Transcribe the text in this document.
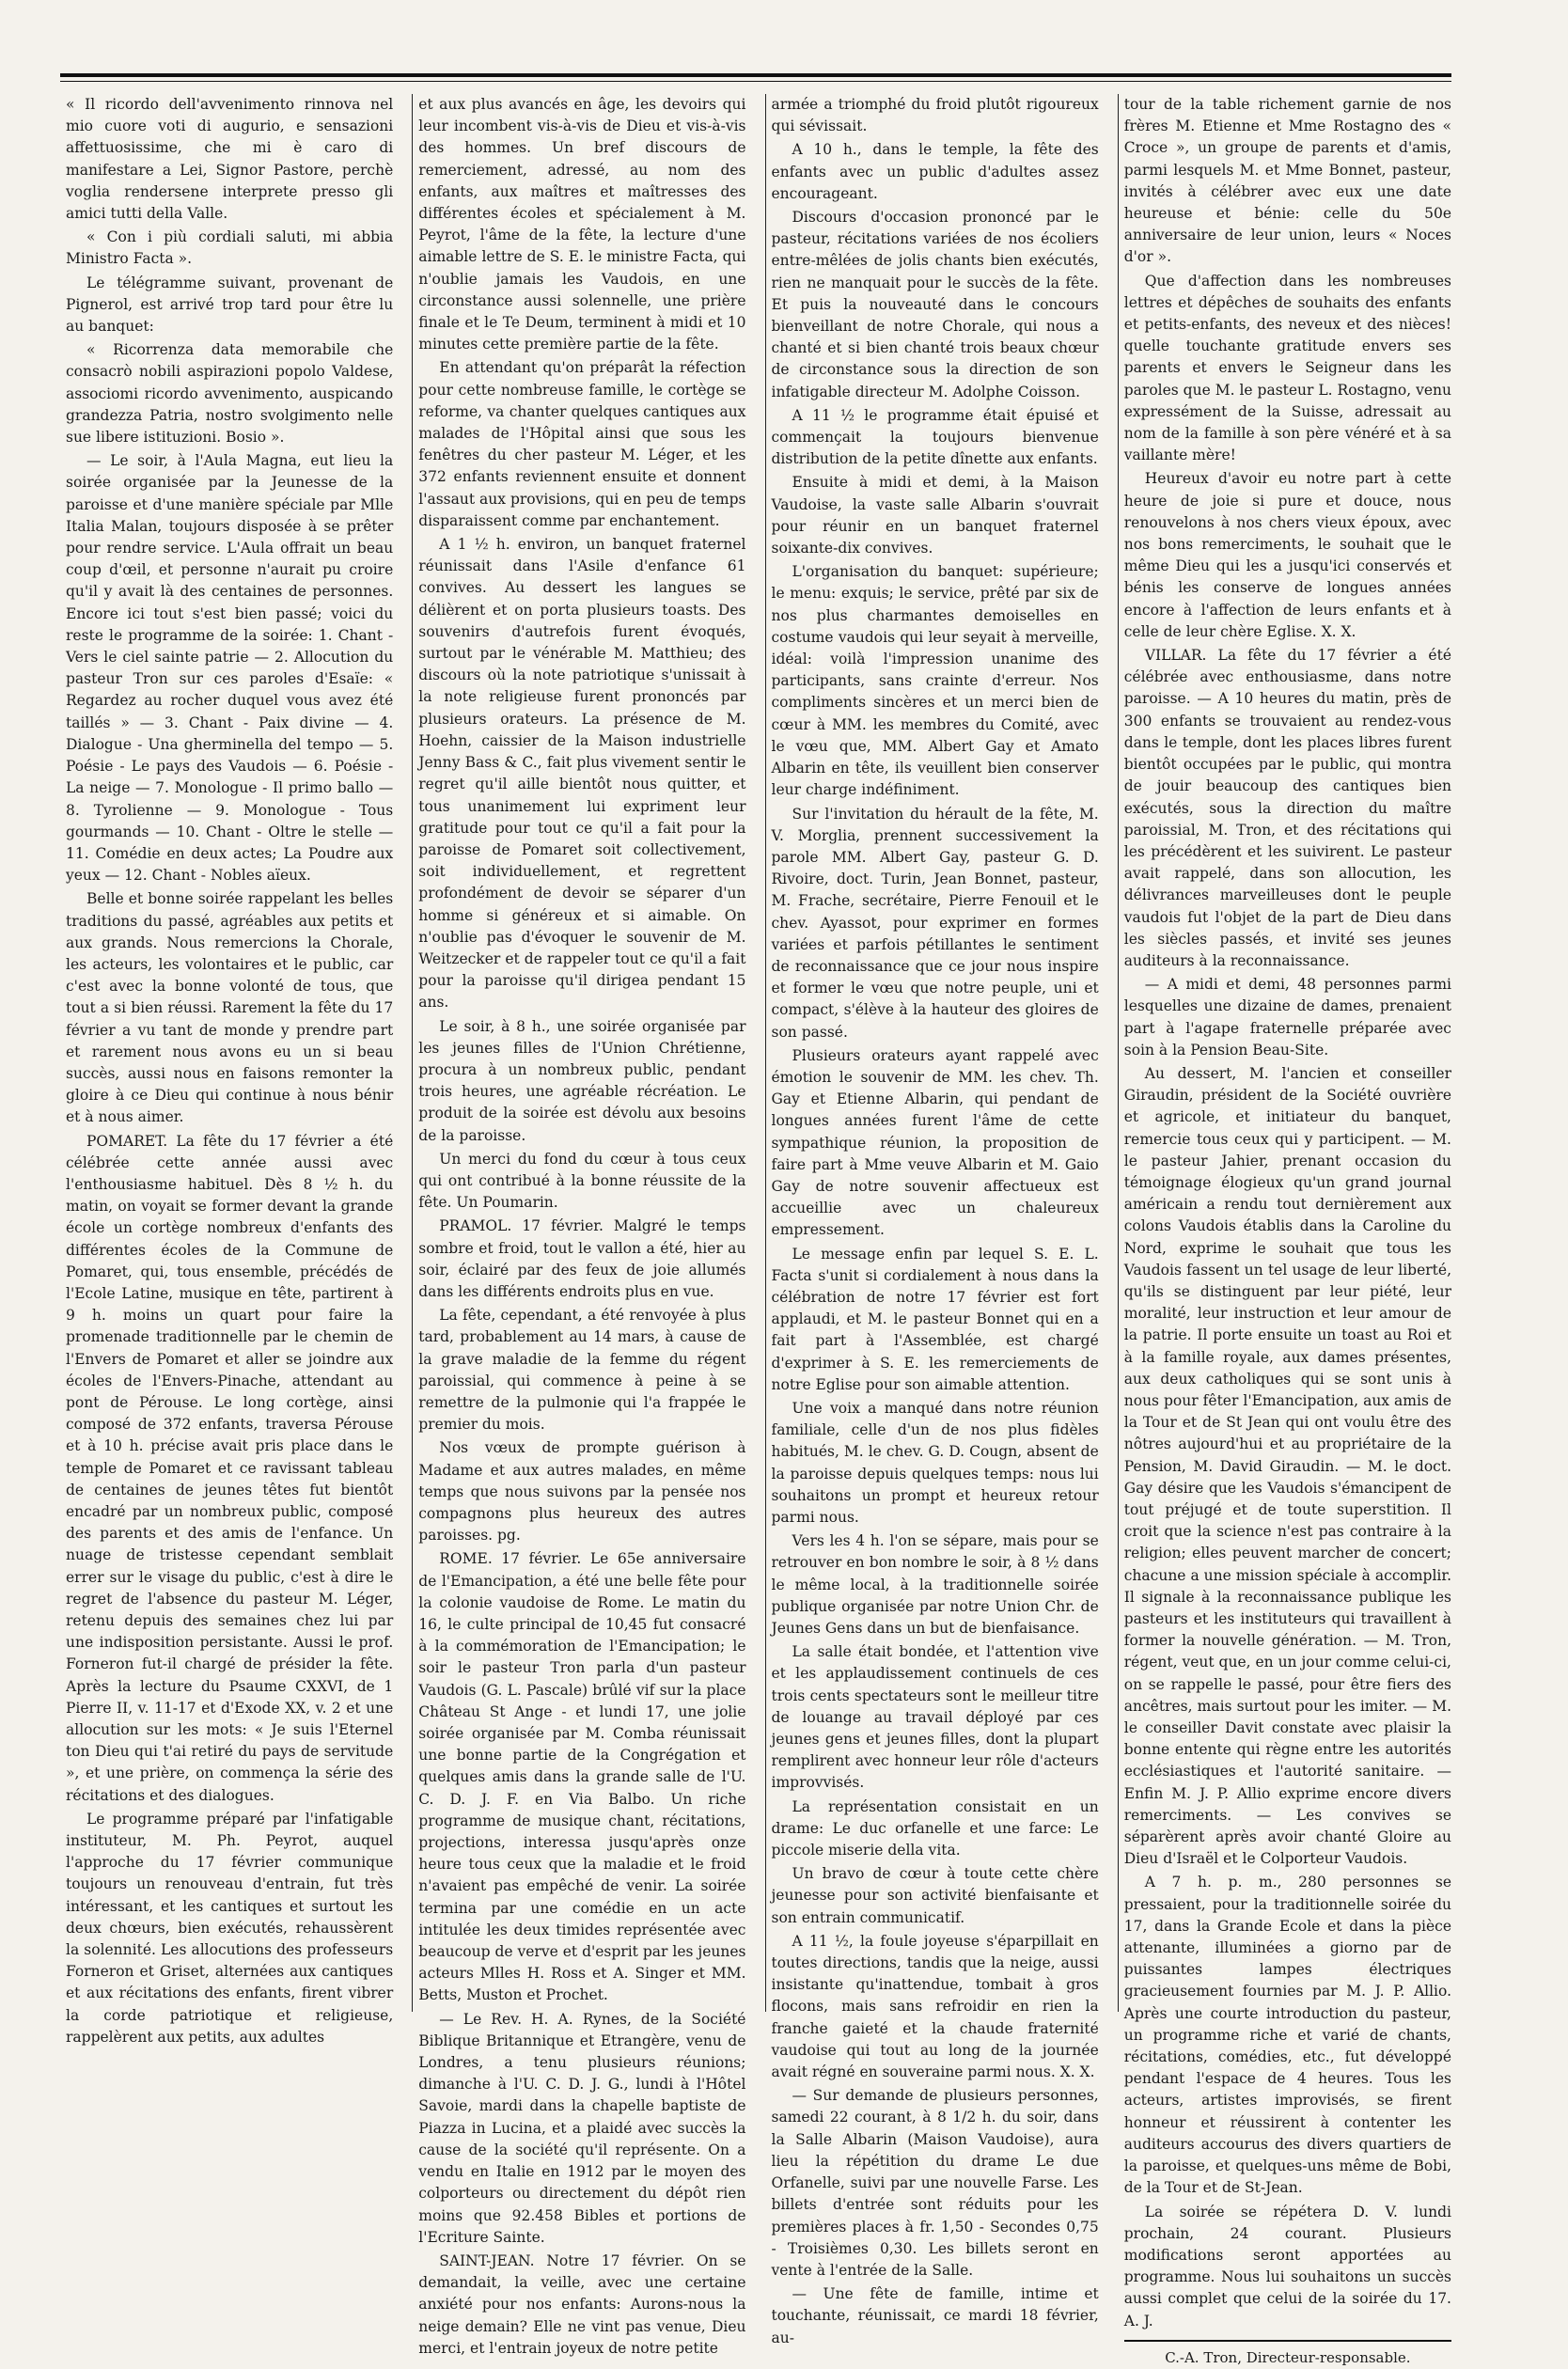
« Il ricordo dell'avvenimento rinnova nel mio cuore voti di augurio, e sensazioni affettuosissime, che mi è caro di manifestare a Lei, Signor Pastore, perchè voglia rendersene interprete presso gli amici tutti della Valle.

« Con i più cordiali saluti, mi abbia Ministro Facta ».

Le télégramme suivant, provenant de Pignerol, est arrivé trop tard pour être lu au banquet:

« Ricorrenza data memorabile che consacrò nobili aspirazioni popolo Valdese, associomi ricordo avvenimento, auspicando grandezza Patria, nostro svolgimento nelle sue libere istituzioni. Bosio ».

— Le soir, à l'Aula Magna, eut lieu la soirée organisée par la Jeunesse de la paroisse et d'une manière spéciale par Mlle Italia Malan, toujours disposée à se prêter pour rendre service. L'Aula offrait un beau coup d'œil, et personne n'aurait pu croire qu'il y avait là des centaines de personnes. Encore ici tout s'est bien passé; voici du reste le programme de la soirée: 1. Chant - Vers le ciel sainte patrie — 2. Allocution du pasteur Tron sur ces paroles d'Esaïe: « Regardez au rocher duquel vous avez été taillés » — 3. Chant - Paix divine — 4. Dialogue - Una gherminella del tempo — 5. Poésie - Le pays des Vaudois — 6. Poésie - La neige — 7. Monologue - Il primo ballo — 8. Tyrolienne — 9. Monologue - Tous gourmands — 10. Chant - Oltre le stelle — 11. Comédie en deux actes; La Poudre aux yeux — 12. Chant - Nobles aïeux.

Belle et bonne soirée rappelant les belles traditions du passé, agréables aux petits et aux grands. Nous remercions la Chorale, les acteurs, les volontaires et le public, car c'est avec la bonne volonté de tous, que tout a si bien réussi. Rarement la fête du 17 février a vu tant de monde y prendre part et rarement nous avons eu un si beau succès, aussi nous en faisons remonter la gloire à ce Dieu qui continue à nous bénir et à nous aimer.

POMARET. La fête du 17 février a été célébrée cette année aussi avec l'enthousiasme habituel. Dès 8 ½ h. du matin, on voyait se former devant la grande école un cortège nombreux d'enfants des différentes écoles de la Commune de Pomaret, qui, tous ensemble, précédés de l'Ecole Latine, musique en tête, partirent à 9 h. moins un quart pour faire la promenade traditionnelle par le chemin de l'Envers de Pomaret et aller se joindre aux écoles de l'Envers-Pinache, attendant au pont de Pérouse. Le long cortège, ainsi composé de 372 enfants, traversa Pérouse et à 10 h. précise avait pris place dans le temple de Pomaret et ce ravissant tableau de centaines de jeunes têtes fut bientôt encadré par un nombreux public, composé des parents et des amis de l'enfance. Un nuage de tristesse cependant semblait errer sur le visage du public, c'est à dire le regret de l'absence du pasteur M. Léger, retenu depuis des semaines chez lui par une indisposition persistante. Aussi le prof. Forneron fut-il chargé de présider la fête. Après la lecture du Psaume CXXVI, de 1 Pierre II, v. 11-17 et d'Exode XX, v. 2 et une allocution sur les mots: « Je suis l'Eternel ton Dieu qui t'ai retiré du pays de servitude », et une prière, on commença la série des récitations et des dialogues.

Le programme préparé par l'infatigable instituteur, M. Ph. Peyrot, auquel l'approche du 17 février communique toujours un renouveau d'entrain, fut très intéressant, et les cantiques et surtout les deux chœurs, bien exécutés, rehaussèrent la solennité. Les allocutions des professeurs Forneron et Griset, alternées aux cantiques et aux récitations des enfants, firent vibrer la corde patriotique et religieuse, rappelèrent aux petits, aux adultes

et aux plus avancés en âge, les devoirs qui leur incombent vis-à-vis de Dieu et vis-à-vis des hommes. Un bref discours de remerciement, adressé, au nom des enfants, aux maîtres et maîtresses des différentes écoles et spécialement à M. Peyrot, l'âme de la fête, la lecture d'une aimable lettre de S. E. le ministre Facta, qui n'oublie jamais les Vaudois, en une circonstance aussi solennelle, une prière finale et le Te Deum, terminent à midi et 10 minutes cette première partie de la fête.

En attendant qu'on préparât la réfection pour cette nombreuse famille, le cortège se reforme, va chanter quelques cantiques aux malades de l'Hôpital ainsi que sous les fenêtres du cher pasteur M. Léger, et les 372 enfants reviennent ensuite et donnent l'assaut aux provisions, qui en peu de temps disparaissent comme par enchantement.

A 1 ½ h. environ, un banquet fraternel réunissait dans l'Asile d'enfance 61 convives. Au dessert les langues se délièrent et on porta plusieurs toasts. Des souvenirs d'autrefois furent évoqués, surtout par le vénérable M. Matthieu; des discours où la note patriotique s'unissait à la note religieuse furent prononcés par plusieurs orateurs. La présence de M. Hoehn, caissier de la Maison industrielle Jenny Bass & C., fait plus vivement sentir le regret qu'il aille bientôt nous quitter, et tous unanimement lui expriment leur gratitude pour tout ce qu'il a fait pour la paroisse de Pomaret soit collectivement, soit individuellement, et regrettent profondément de devoir se séparer d'un homme si généreux et si aimable. On n'oublie pas d'évoquer le souvenir de M. Weitzecker et de rappeler tout ce qu'il a fait pour la paroisse qu'il dirigea pendant 15 ans.

Le soir, à 8 h., une soirée organisée par les jeunes filles de l'Union Chrétienne, procura à un nombreux public, pendant trois heures, une agréable récréation. Le produit de la soirée est dévolu aux besoins de la paroisse.

Un merci du fond du cœur à tous ceux qui ont contribué à la bonne réussite de la fête. Un Poumarin.

PRAMOL. 17 février. Malgré le temps sombre et froid, tout le vallon a été, hier au soir, éclairé par des feux de joie allumés dans les différents endroits plus en vue.

La fête, cependant, a été renvoyée à plus tard, probablement au 14 mars, à cause de la grave maladie de la femme du régent paroissial, qui commence à peine à se remettre de la pulmonie qui l'a frappée le premier du mois.

Nos vœux de prompte guérison à Madame et aux autres malades, en même temps que nous suivons par la pensée nos compagnons plus heureux des autres paroisses. pg.

ROME. 17 février. Le 65e anniversaire de l'Emancipation, a été une belle fête pour la colonie vaudoise de Rome. Le matin du 16, le culte principal de 10,45 fut consacré à la commémoration de l'Emancipation; le soir le pasteur Tron parla d'un pasteur Vaudois (G. L. Pascale) brûlé vif sur la place Château St Ange - et lundi 17, une jolie soirée organisée par M. Comba réunissait une bonne partie de la Congrégation et quelques amis dans la grande salle de l'U. C. D. J. F. en Via Balbo. Un riche programme de musique chant, récitations, projections, interessa jusqu'après onze heure tous ceux que la maladie et le froid n'avaient pas empêché de venir. La soirée termina par une comédie en un acte intitulée les deux timides représentée avec beaucoup de verve et d'esprit par les jeunes acteurs Mlles H. Ross et A. Singer et MM. Betts, Muston et Prochet.

— Le Rev. H. A. Rynes, de la Société Biblique Britannique et Etrangère, venu de Londres, a tenu plusieurs réunions; dimanche à l'U. C. D. J. G., lundi à l'Hôtel Savoie, mardi dans la chapelle baptiste de Piazza in Lucina, et a plaidé avec succès la cause de la société qu'il représente. On a vendu en Italie en 1912 par le moyen des colporteurs ou directement du dépôt rien moins que 92.458 Bibles et portions de l'Ecriture Sainte.

SAINT-JEAN. Notre 17 février. On se demandait, la veille, avec une certaine anxiété pour nos enfants: Aurons-nous la neige demain? Elle ne vint pas venue, Dieu merci, et l'entrain joyeux de notre petite

armée a triomphé du froid plutôt rigoureux qui sévissait.

A 10 h., dans le temple, la fête des enfants avec un public d'adultes assez encourageant.

Discours d'occasion prononcé par le pasteur, récitations variées de nos écoliers entre-mêlées de jolis chants bien exécutés, rien ne manquait pour le succès de la fête. Et puis la nouveauté dans le concours bienveillant de notre Chorale, qui nous a chanté et si bien chanté trois beaux chœur de circonstance sous la direction de son infatigable directeur M. Adolphe Coisson.

A 11 ½ le programme était épuisé et commençait la toujours bienvenue distribution de la petite dînette aux enfants.

Ensuite à midi et demi, à la Maison Vaudoise, la vaste salle Albarin s'ouvrait pour réunir en un banquet fraternel soixante-dix convives.

L'organisation du banquet: supérieure; le menu: exquis; le service, prêté par six de nos plus charmantes demoiselles en costume vaudois qui leur seyait à merveille, idéal: voilà l'impression unanime des participants, sans crainte d'erreur. Nos compliments sincères et un merci bien de cœur à MM. les membres du Comité, avec le vœu que, MM. Albert Gay et Amato Albarin en tête, ils veuillent bien conserver leur charge indéfiniment.

Sur l'invitation du hérault de la fête, M. V. Morglia, prennent successivement la parole MM. Albert Gay, pasteur G. D. Rivoire, doct. Turin, Jean Bonnet, pasteur, M. Frache, secrétaire, Pierre Fenouil et le chev. Ayassot, pour exprimer en formes variées et parfois pétillantes le sentiment de reconnaissance que ce jour nous inspire et former le vœu que notre peuple, uni et compact, s'élève à la hauteur des gloires de son passé.

Plusieurs orateurs ayant rappelé avec émotion le souvenir de MM. les chev. Th. Gay et Etienne Albarin, qui pendant de longues années furent l'âme de cette sympathique réunion, la proposition de faire part à Mme veuve Albarin et M. Gaio Gay de notre souvenir affectueux est accueillie avec un chaleureux empressement.

Le message enfin par lequel S. E. L. Facta s'unit si cordialement à nous dans la célébration de notre 17 février est fort applaudi, et M. le pasteur Bonnet qui en a fait part à l'Assemblée, est chargé d'exprimer à S. E. les remerciements de notre Eglise pour son aimable attention.

Une voix a manqué dans notre réunion familiale, celle d'un de nos plus fidèles habitués, M. le chev. G. D. Cougn, absent de la paroisse depuis quelques temps: nous lui souhaitons un prompt et heureux retour parmi nous.

Vers les 4 h. l'on se sépare, mais pour se retrouver en bon nombre le soir, à 8 ½ dans le même local, à la traditionnelle soirée publique organisée par notre Union Chr. de Jeunes Gens dans un but de bienfaisance.

La salle était bondée, et l'attention vive et les applaudissement continuels de ces trois cents spectateurs sont le meilleur titre de louange au travail déployé par ces jeunes gens et jeunes filles, dont la plupart remplirent avec honneur leur rôle d'acteurs improvvisés.

La représentation consistait en un drame: Le duc orfanelle et une farce: Le piccole miserie della vita.

Un bravo de cœur à toute cette chère jeunesse pour son activité bienfaisante et son entrain communicatif.

A 11 ½, la foule joyeuse s'éparpillait en toutes directions, tandis que la neige, aussi insistante qu'inattendue, tombait à gros flocons, mais sans refroidir en rien la franche gaieté et la chaude fraternité vaudoise qui tout au long de la journée avait régné en souveraine parmi nous. X. X.

— Sur demande de plusieurs personnes, samedi 22 courant, à 8 1/2 h. du soir, dans la Salle Albarin (Maison Vaudoise), aura lieu la répétition du drame Le due Orfanelle, suivi par une nouvelle Farse. Les billets d'entrée sont réduits pour les premières places à fr. 1,50 - Secondes 0,75 - Troisièmes 0,30. Les billets seront en vente à l'entrée de la Salle.

— Une fête de famille, intime et touchante, réunissait, ce mardi 18 février, au-

tour de la table richement garnie de nos frères M. Etienne et Mme Rostagno des « Croce », un groupe de parents et d'amis, parmi lesquels M. et Mme Bonnet, pasteur, invités à célébrer avec eux une date heureuse et bénie: celle du 50e anniversaire de leur union, leurs « Noces d'or ».

Que d'affection dans les nombreuses lettres et dépêches de souhaits des enfants et petits-enfants, des neveux et des nièces! quelle touchante gratitude envers ses parents et envers le Seigneur dans les paroles que M. le pasteur L. Rostagno, venu expressément de la Suisse, adressait au nom de la famille à son père vénéré et à sa vaillante mère!

Heureux d'avoir eu notre part à cette heure de joie si pure et douce, nous renouvelons à nos chers vieux époux, avec nos bons remerciments, le souhait que le même Dieu qui les a jusqu'ici conservés et bénis les conserve de longues années encore à l'affection de leurs enfants et à celle de leur chère Eglise. X. X.

VILLAR. La fête du 17 février a été célébrée avec enthousiasme, dans notre paroisse. — A 10 heures du matin, près de 300 enfants se trouvaient au rendez-vous dans le temple, dont les places libres furent bientôt occupées par le public, qui montra de jouir beaucoup des cantiques bien exécutés, sous la direction du maître paroissial, M. Tron, et des récitations qui les précédèrent et les suivirent. Le pasteur avait rappelé, dans son allocution, les délivrances marveilleuses dont le peuple vaudois fut l'objet de la part de Dieu dans les siècles passés, et invité ses jeunes auditeurs à la reconnaissance.

— A midi et demi, 48 personnes parmi lesquelles une dizaine de dames, prenaient part à l'agape fraternelle préparée avec soin à la Pension Beau-Site.

Au dessert, M. l'ancien et conseiller Giraudin, président de la Société ouvrière et agricole, et initiateur du banquet, remercie tous ceux qui y participent. — M. le pasteur Jahier, prenant occasion du témoignage élogieux qu'un grand journal américain a rendu tout dernièrement aux colons Vaudois établis dans la Caroline du Nord, exprime le souhait que tous les Vaudois fassent un tel usage de leur liberté, qu'ils se distinguent par leur piété, leur moralité, leur instruction et leur amour de la patrie. Il porte ensuite un toast au Roi et à la famille royale, aux dames présentes, aux deux catholiques qui se sont unis à nous pour fêter l'Emancipation, aux amis de la Tour et de St Jean qui ont voulu être des nôtres aujourd'hui et au propriétaire de la Pension, M. David Giraudin. — M. le doct. Gay désire que les Vaudois s'émancipent de tout préjugé et de toute superstition. Il croit que la science n'est pas contraire à la religion; elles peuvent marcher de concert; chacune a une mission spéciale à accomplir. Il signale à la reconnaissance publique les pasteurs et les instituteurs qui travaillent à former la nouvelle génération. — M. Tron, régent, veut que, en un jour comme celui-ci, on se rappelle le passé, pour être fiers des ancêtres, mais surtout pour les imiter. — M. le conseiller Davit constate avec plaisir la bonne entente qui règne entre les autorités ecclésiastiques et l'autorité sanitaire. — Enfin M. J. P. Allio exprime encore divers remerciments. — Les convives se séparèrent après avoir chanté Gloire au Dieu d'Israël et le Colporteur Vaudois.

A 7 h. p. m., 280 personnes se pressaient, pour la traditionnelle soirée du 17, dans la Grande Ecole et dans la pièce attenante, illuminées a giorno par de puissantes lampes électriques gracieusement fournies par M. J. P. Allio. Après une courte introduction du pasteur, un programme riche et varié de chants, récitations, comédies, etc., fut développé pendant l'espace de 4 heures. Tous les acteurs, artistes improvisés, se firent honneur et réussirent à contenter les auditeurs accourus des divers quartiers de la paroisse, et quelques-uns même de Bobi, de la Tour et de St-Jean.

La soirée se répétera D. V. lundi prochain, 24 courant. Plusieurs modifications seront apportées au programme. Nous lui souhaitons un succès aussi complet que celui de la soirée du 17. A. J.

C.-A. Tron, Directeur-responsable.
